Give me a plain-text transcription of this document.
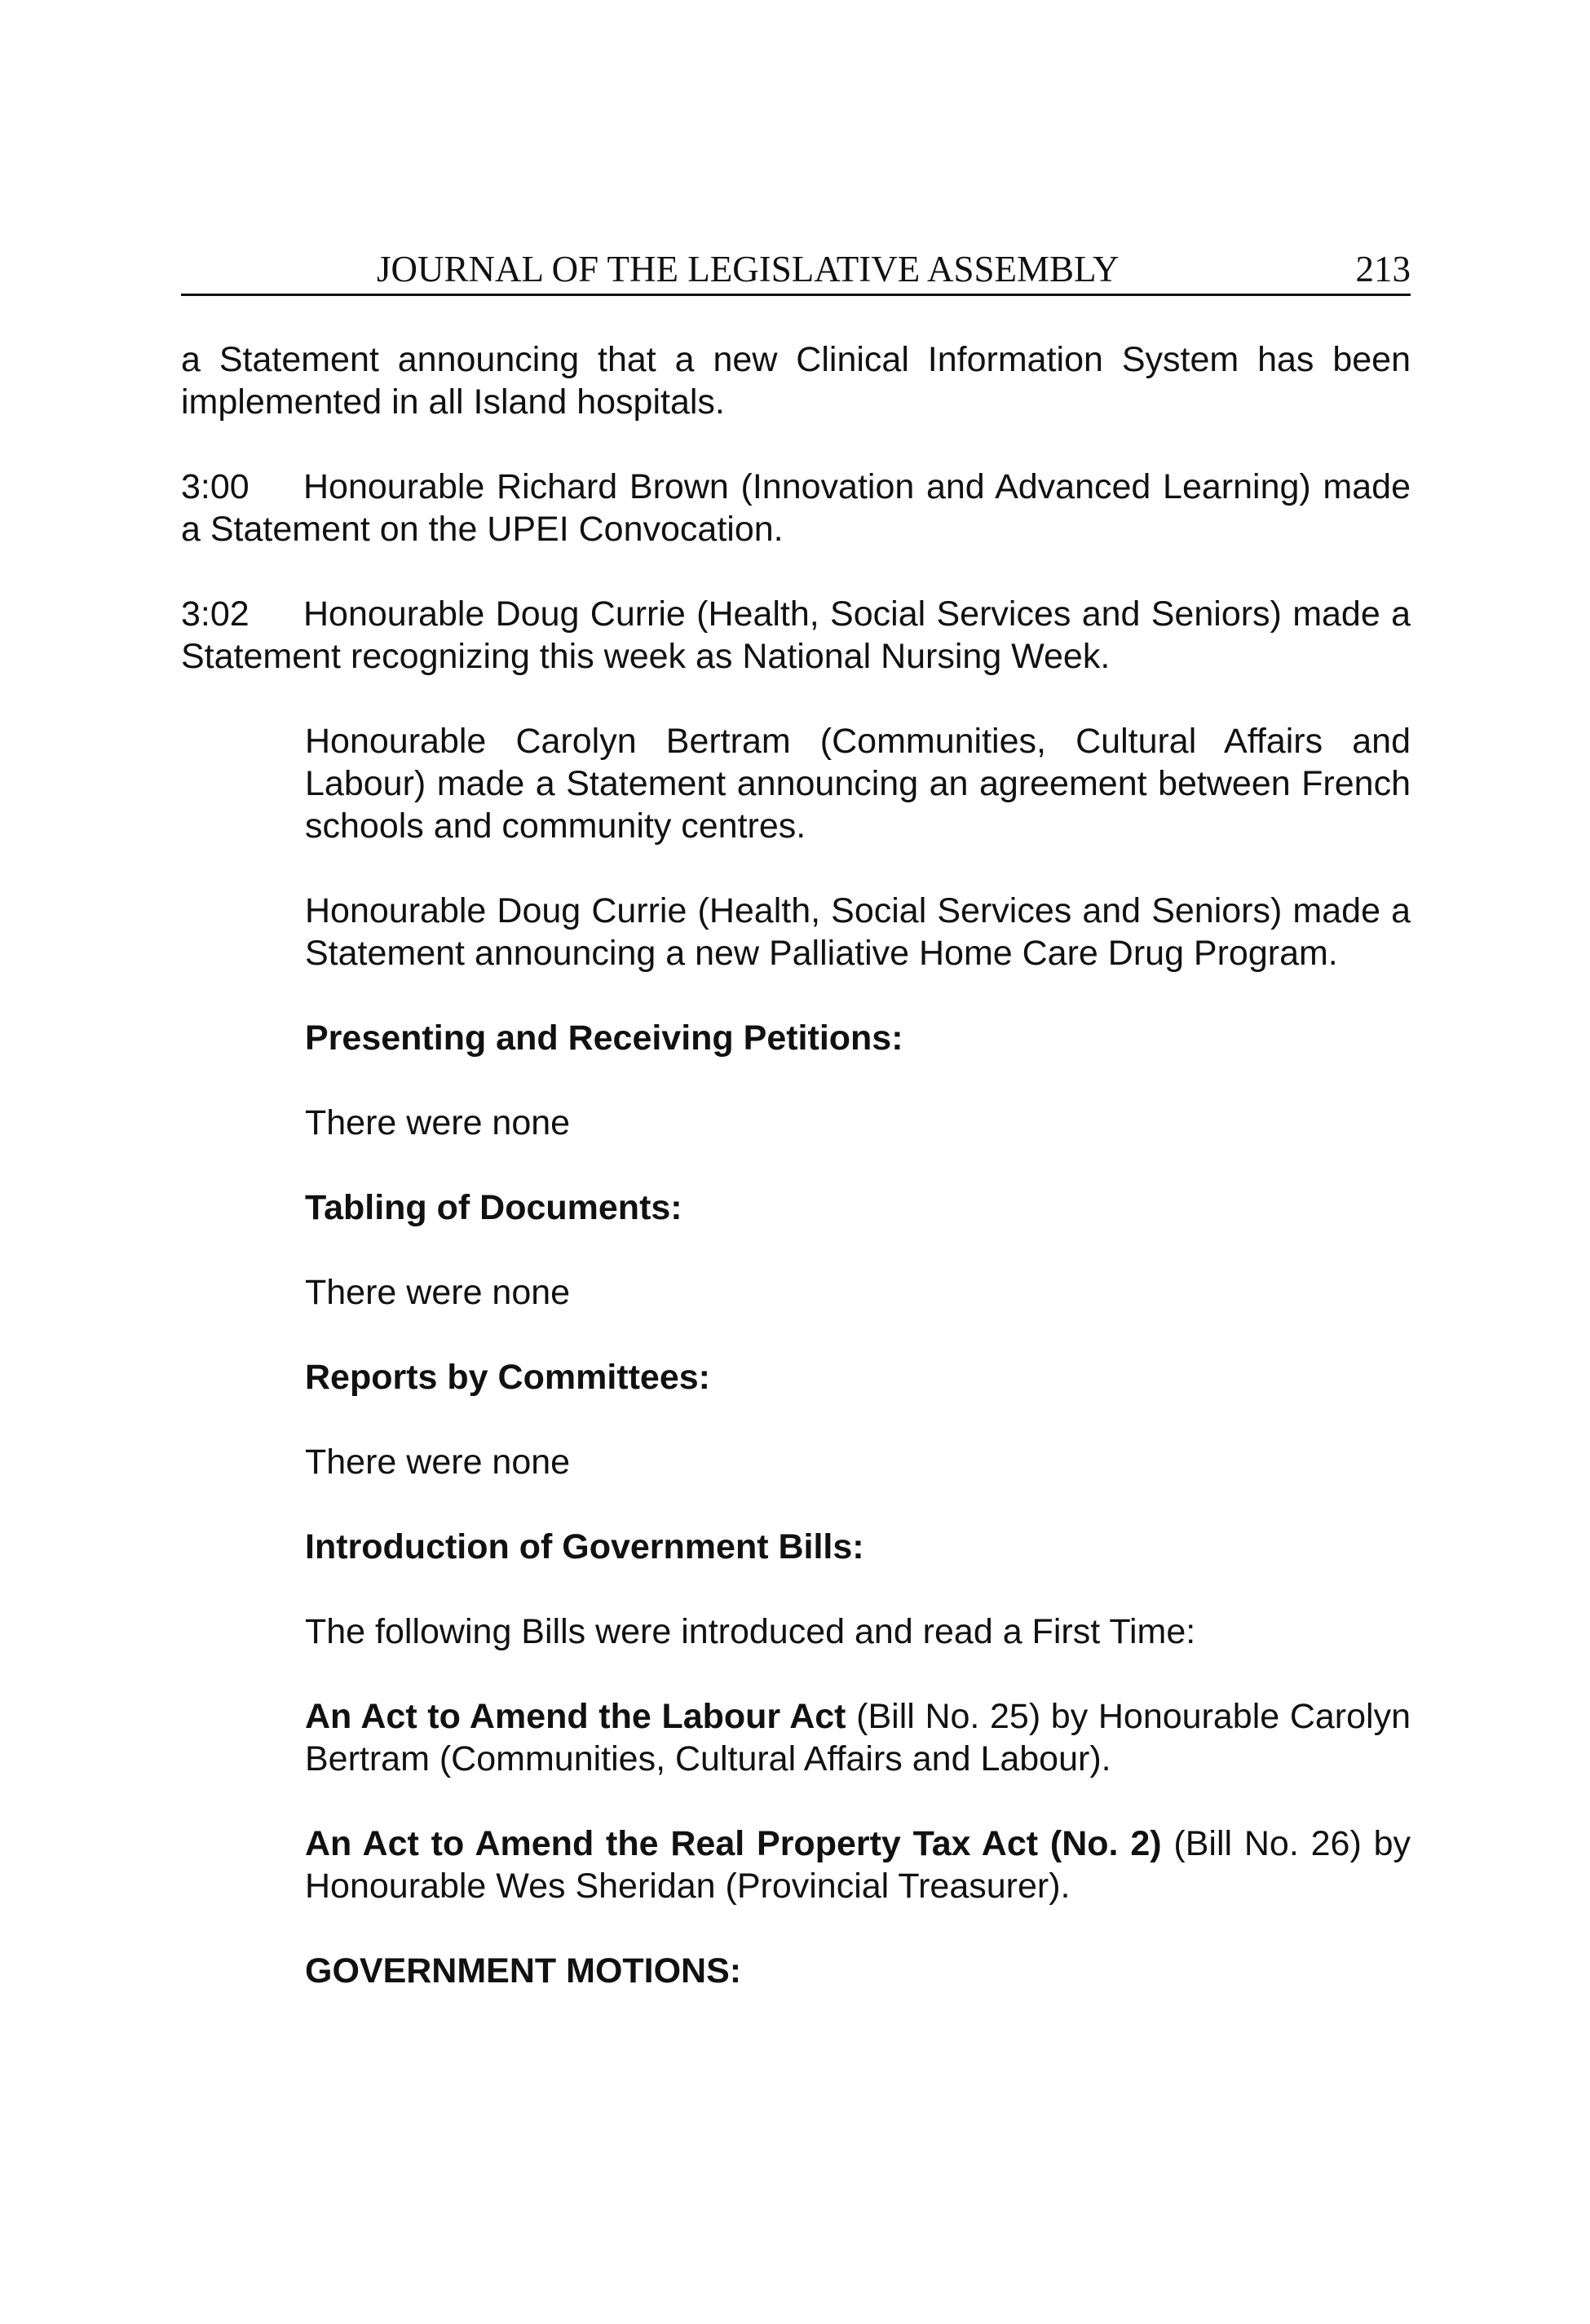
JOURNAL OF THE LEGISLATIVE ASSEMBLY	213

a Statement announcing that a new Clinical Information System has been implemented in all Island hospitals.

3:00 Honourable Richard Brown (Innovation and Advanced Learning) made a Statement on the UPEI Convocation.

3:02 Honourable Doug Currie (Health, Social Services and Seniors) made a Statement recognizing this week as National Nursing Week.

Honourable Carolyn Bertram (Communities, Cultural Affairs and Labour) made a Statement announcing an agreement between French schools and community centres.

Honourable Doug Currie (Health, Social Services and Seniors) made a Statement announcing a new Palliative Home Care Drug Program.

Presenting and Receiving Petitions:

There were none

Tabling of Documents:

There were none

Reports by Committees:

There were none

Introduction of Government Bills:

The following Bills were introduced and read a First Time:

An Act to Amend the Labour Act (Bill No. 25) by Honourable Carolyn Bertram (Communities, Cultural Affairs and Labour).

An Act to Amend the Real Property Tax Act (No. 2) (Bill No. 26) by Honourable Wes Sheridan (Provincial Treasurer).

GOVERNMENT MOTIONS:
